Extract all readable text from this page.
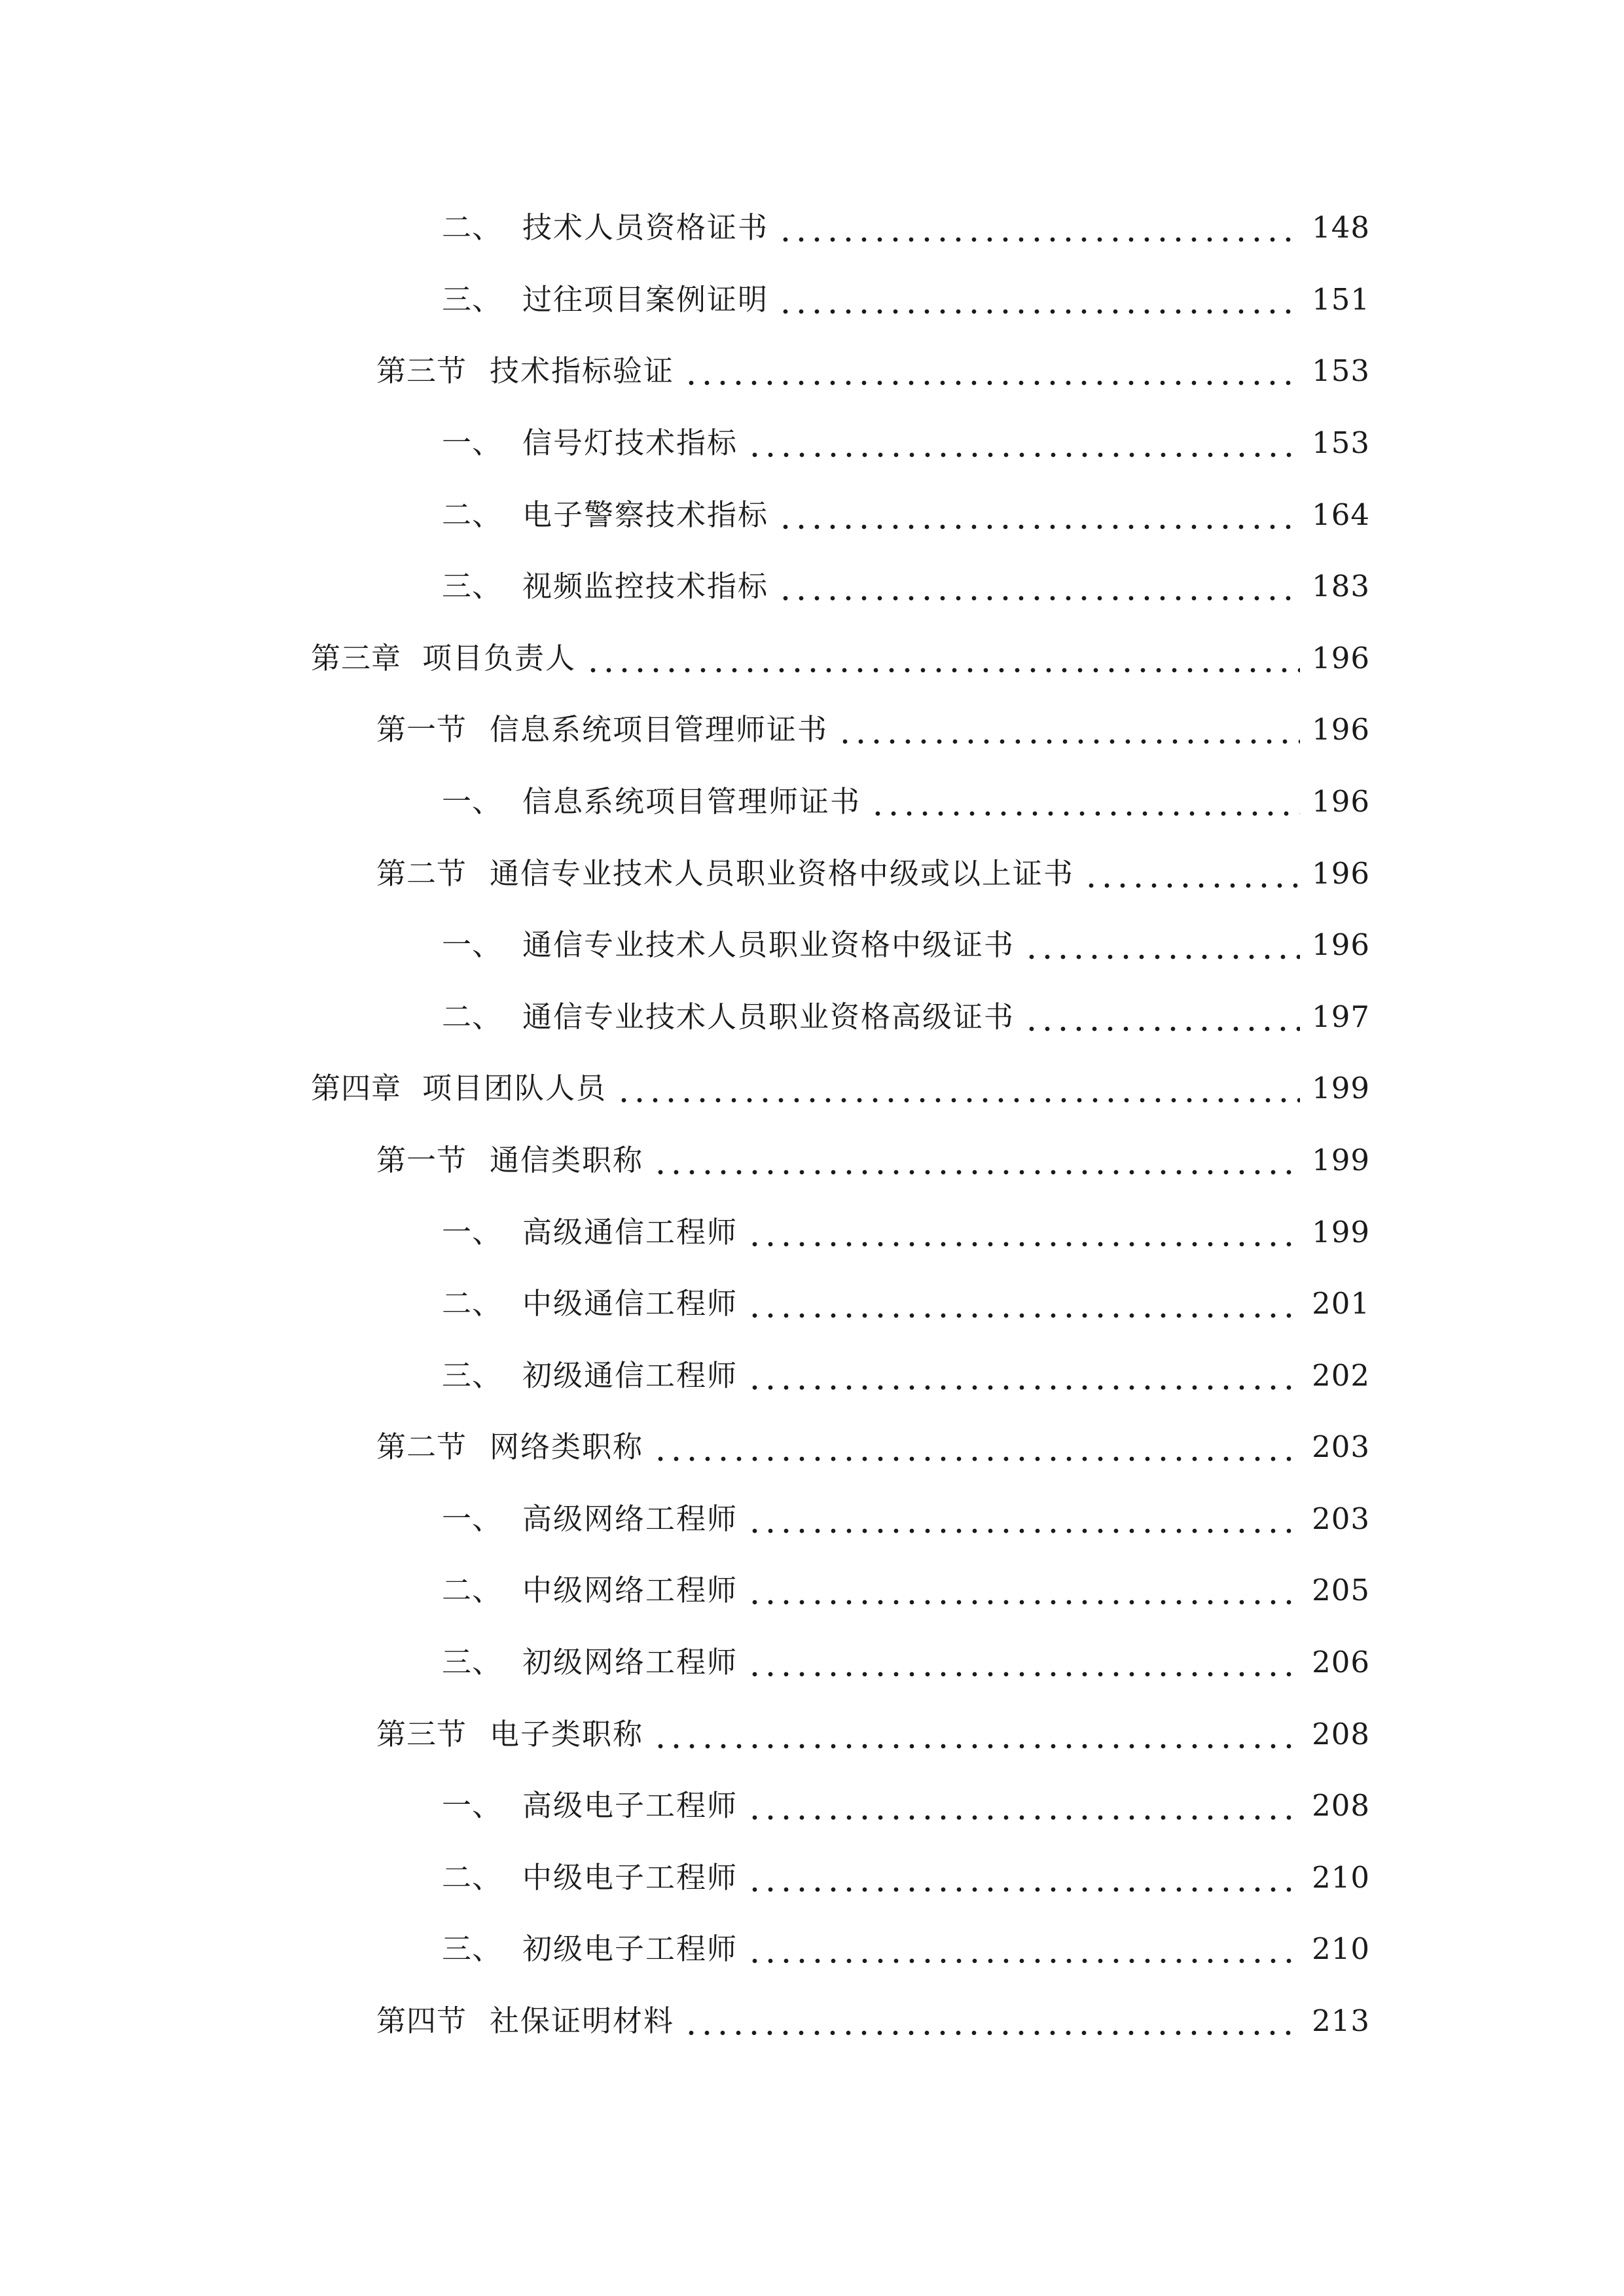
二、 技术人员资格证书	148
三、 过往项目案例证明	151
第三节 技术指标验证	153
一、 信号灯技术指标	153
二、 电子警察技术指标	164
三、 视频监控技术指标	183
第三章 项目负责人	196
第一节 信息系统项目管理师证书	196
一、 信息系统项目管理师证书	196
第二节 通信专业技术人员职业资格中级或以上证书	196
一、 通信专业技术人员职业资格中级证书	196
二、 通信专业技术人员职业资格高级证书	197
第四章 项目团队人员	199
第一节 通信类职称	199
一、 高级通信工程师	199
二、 中级通信工程师	201
三、 初级通信工程师	202
第二节 网络类职称	203
一、 高级网络工程师	203
二、 中级网络工程师	205
三、 初级网络工程师	206
第三节 电子类职称	208
一、 高级电子工程师	208
二、 中级电子工程师	210
三、 初级电子工程师	210
第四节 社保证明材料	213
